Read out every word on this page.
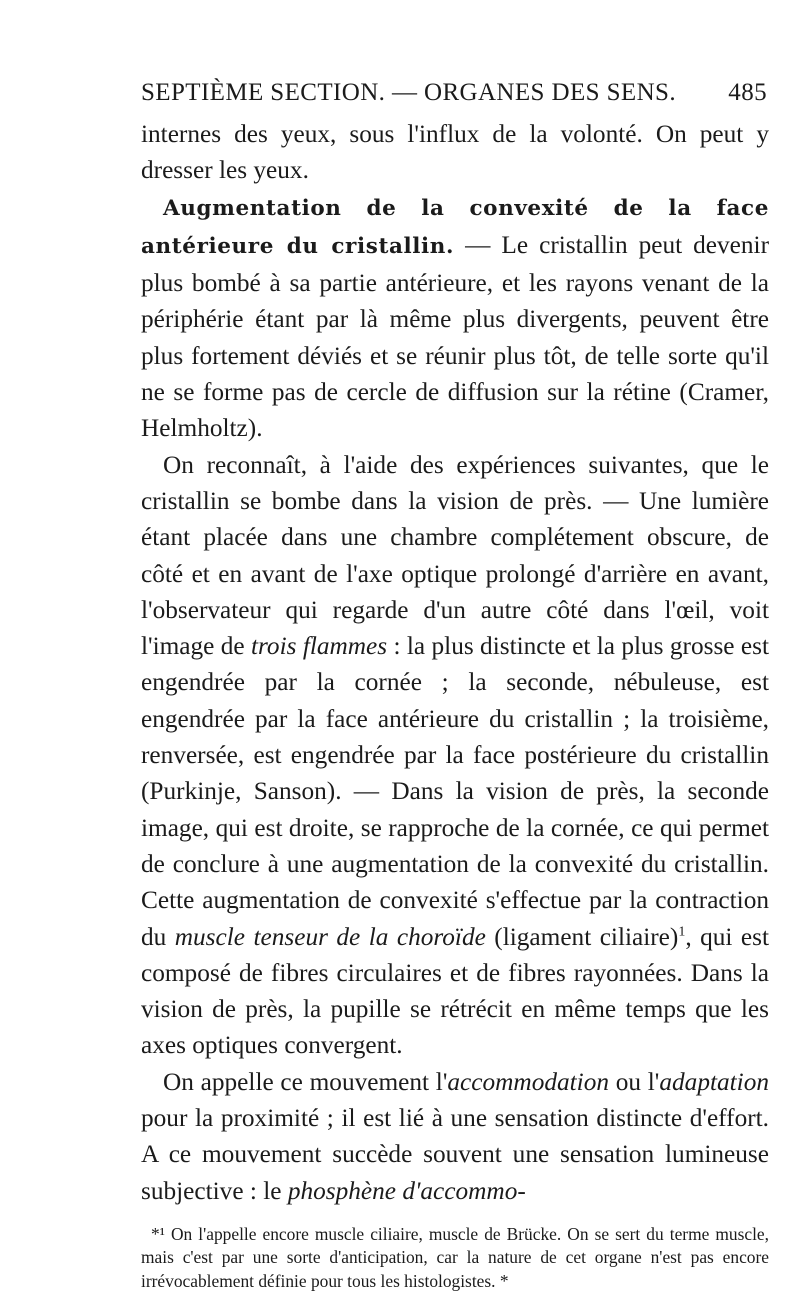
SEPTIÈME SECTION. — ORGANES DES SENS. 485

internes des yeux, sous l'influx de la volonté. On peut y dresser les yeux.

Augmentation de la convexité de la face antérieure du cristallin. — Le cristallin peut devenir plus bombé à sa partie antérieure, et les rayons venant de la périphérie étant par là même plus divergents, peuvent être plus fortement déviés et se réunir plus tôt, de telle sorte qu'il ne se forme pas de cercle de diffusion sur la rétine (Cramer, Helmholtz).

On reconnaît, à l'aide des expériences suivantes, que le cristallin se bombe dans la vision de près. — Une lumière étant placée dans une chambre complétement obscure, de côté et en avant de l'axe optique prolongé d'arrière en avant, l'observateur qui regarde d'un autre côté dans l'œil, voit l'image de trois flammes : la plus distincte et la plus grosse est engendrée par la cornée ; la seconde, nébuleuse, est engendrée par la face antérieure du cristallin ; la troisième, renversée, est engendrée par la face postérieure du cristallin (Purkinje, Sanson). — Dans la vision de près, la seconde image, qui est droite, se rapproche de la cornée, ce qui permet de conclure à une augmentation de la convexité du cristallin. Cette augmentation de convexité s'effectue par la contraction du muscle tenseur de la choroïde (ligament ciliaire)$^1$, qui est composé de fibres circulaires et de fibres rayonnées. Dans la vision de près, la pupille se rétrécit en même temps que les axes optiques convergent.

On appelle ce mouvement l'accommodation ou l'adaptation pour la proximité ; il est lié à une sensation distincte d'effort. A ce mouvement succède souvent une sensation lumineuse subjective : le phosphène d'accommo-

*¹ On l'appelle encore muscle ciliaire, muscle de Brücke. On se sert du terme muscle, mais c'est par une sorte d'anticipation, car la nature de cet organe n'est pas encore irrévocablement définie pour tous les histologistes. *
